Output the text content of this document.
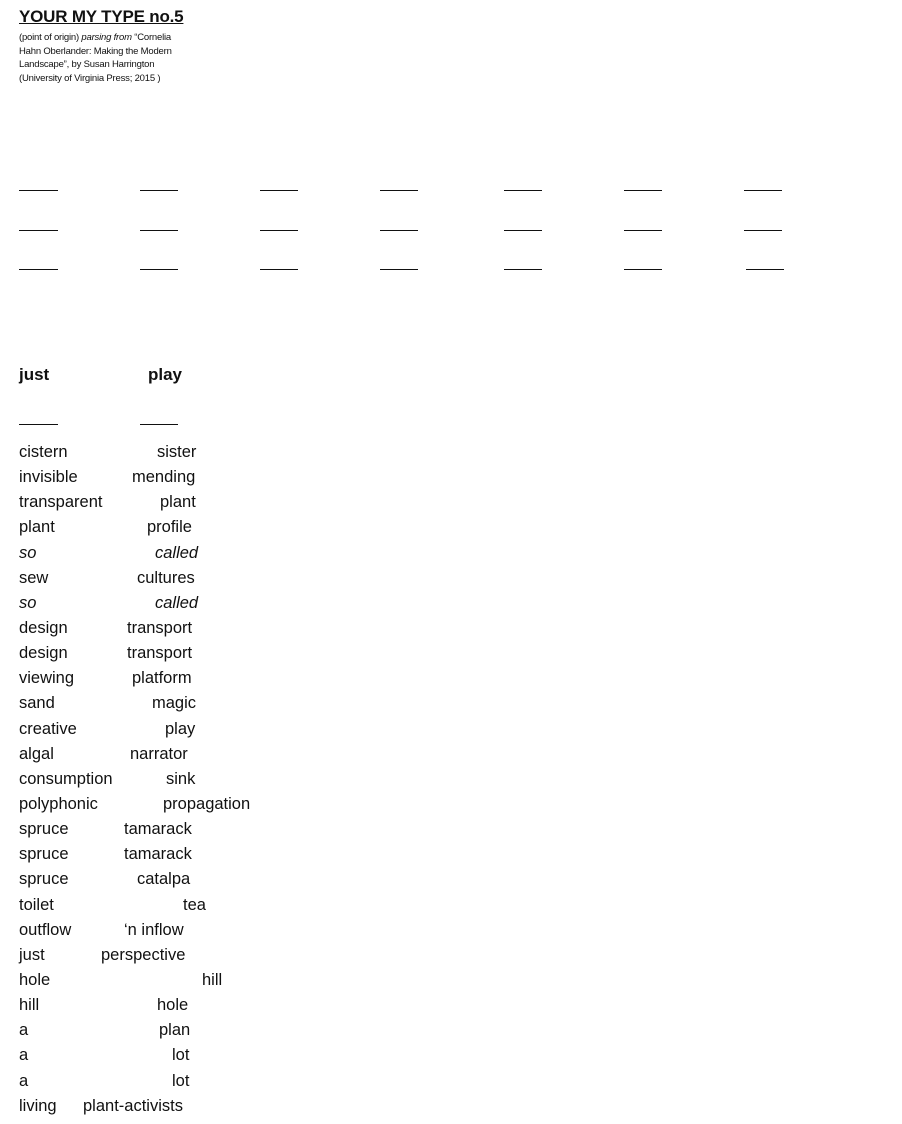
YOUR MY TYPE no.5
(point of origin) parsing from “Cornelia
Hahn Oberlander: Making the Modern
Landscape”, by Susan Harrington
(University of Virginia Press; 2015 )
just	play
cistern	sister
invisible	mending
transparent	plant
plant	profile
so	called
sew	cultures
so	called
design	transport
design	transport
viewing	platform
sand	magic
creative	play
algal	narrator
consumption	sink
polyphonic	propagation
spruce	tamarack
spruce	tamarack
spruce	catalpa
toilet	tea
outflow	‘n inflow
just	perspective
hole	hill
hill	hole
a	plan
a	lot
a	lot
living plant-activists
